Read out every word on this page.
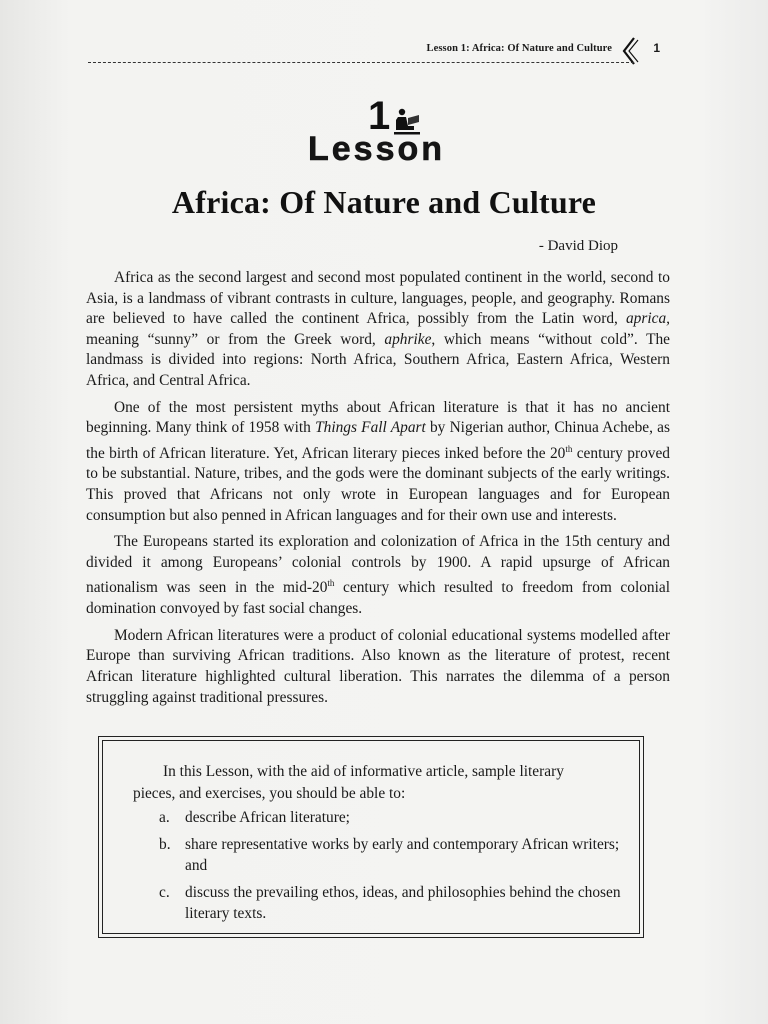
Lesson 1: Africa: Of Nature and Culture	1
1
Lesson
Africa: Of Nature and Culture
- David Diop

Africa as the second largest and second most populated continent in the world, second to Asia, is a landmass of vibrant contrasts in culture, languages, people, and geography. Romans are believed to have called the continent Africa, possibly from the Latin word, aprica, meaning “sunny” or from the Greek word, aphrike, which means “without cold”. The landmass is divided into regions: North Africa, Southern Africa, Eastern Africa, Western Africa, and Central Africa.

One of the most persistent myths about African literature is that it has no ancient beginning. Many think of 1958 with Things Fall Apart by Nigerian author, Chinua Achebe, as the birth of African literature. Yet, African literary pieces inked before the 20th century proved to be substantial. Nature, tribes, and the gods were the dominant subjects of the early writings. This proved that Africans not only wrote in European languages and for European consumption but also penned in African languages and for their own use and interests.

The Europeans started its exploration and colonization of Africa in the 15th century and divided it among Europeans’ colonial controls by 1900. A rapid upsurge of African nationalism was seen in the mid-20th century which resulted to freedom from colonial domination convoyed by fast social changes.

Modern African literatures were a product of colonial educational systems modelled after Europe than surviving African traditions. Also known as the literature of protest, recent African literature highlighted cultural liberation. This narrates the dilemma of a person struggling against traditional pressures.

In this Lesson, with the aid of informative article, sample literary pieces, and exercises, you should be able to:
a. describe African literature;
b. share representative works by early and contemporary African writers; and
c. discuss the prevailing ethos, ideas, and philosophies behind the chosen literary texts.
